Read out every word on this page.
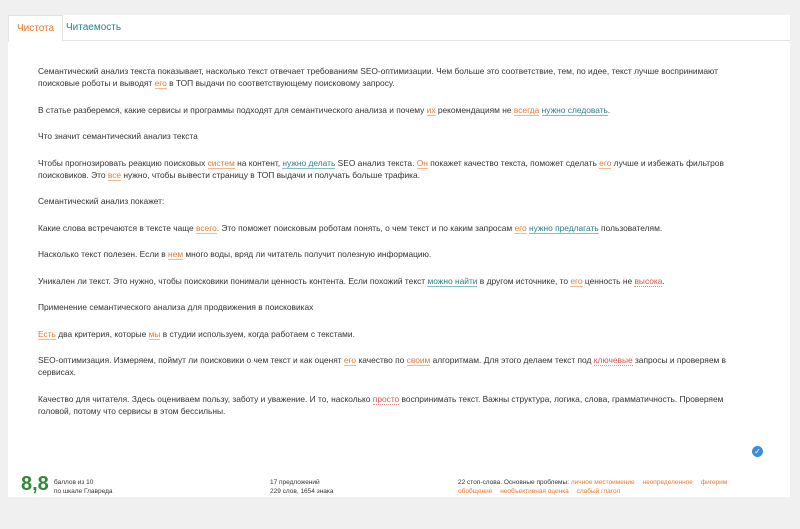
Чистота	Читаемость

Семантический анализ текста показывает, насколько текст отвечает требованиям SEO-оптимизации. Чем больше это соответствие, тем, по идее, текст лучше воспринимают поисковые роботы и выводят его в ТОП выдачи по соответствующему поисковому запросу.

В статье разберемся, какие сервисы и программы подходят для семантического анализа и почему их рекомендациям не всегда нужно следовать.

Что значит семантический анализ текста

Чтобы прогнозировать реакцию поисковых систем на контент, нужно делать SEO анализ текста. Он покажет качество текста, поможет сделать его лучше и избежать фильтров поисковиков. Это все нужно, чтобы вывести страницу в ТОП выдачи и получать больше трафика.

Семантический анализ покажет:

Какие слова встречаются в тексте чаще всего. Это поможет поисковым роботам понять, о чем текст и по каким запросам его нужно предлагать пользователям.

Насколько текст полезен. Если в нем много воды, вряд ли читатель получит полезную информацию.

Уникален ли текст. Это нужно, чтобы поисковики понимали ценность контента. Если похожий текст можно найти в другом источнике, то его ценность не высока.

Применение семантического анализа для продвижения в поисковиках

Есть два критерия, которые мы в студии используем, когда работаем с текстами.

SEO-оптимизация. Измеряем, поймут ли поисковики о чем текст и как оценят его качество по своим алгоритмам. Для этого делаем текст под ключевые запросы и проверяем в сервисах.

Качество для читателя. Здесь оцениваем пользу, заботу и уважение. И то, насколько просто воспринимать текст. Важны структура, логика, слова, грамматичность. Проверяем головой, потому что сервисы в этом бессильны.

✓
8,8 баллов из 10
по шкале Главреда
17 предложений
229 слов, 1654 знака
22 стоп-слова. Основные проблемы: личное местоимение неопределенное фигерим
обобщение необъективная оценка слабый глагол
